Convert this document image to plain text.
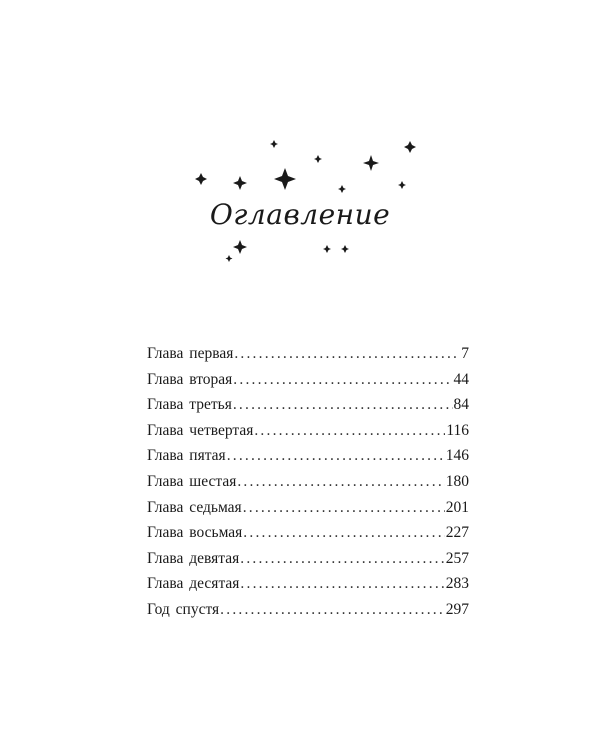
Оглавление
Глава первая .....	7
Глава вторая .....	44
Глава третья .....	84
Глава четвертая .....	116
Глава пятая .....	146
Глава шестая .....	180
Глава седьмая .....	201
Глава восьмая .....	227
Глава девятая .....	257
Глава десятая .....	283
Год спустя .....	297
